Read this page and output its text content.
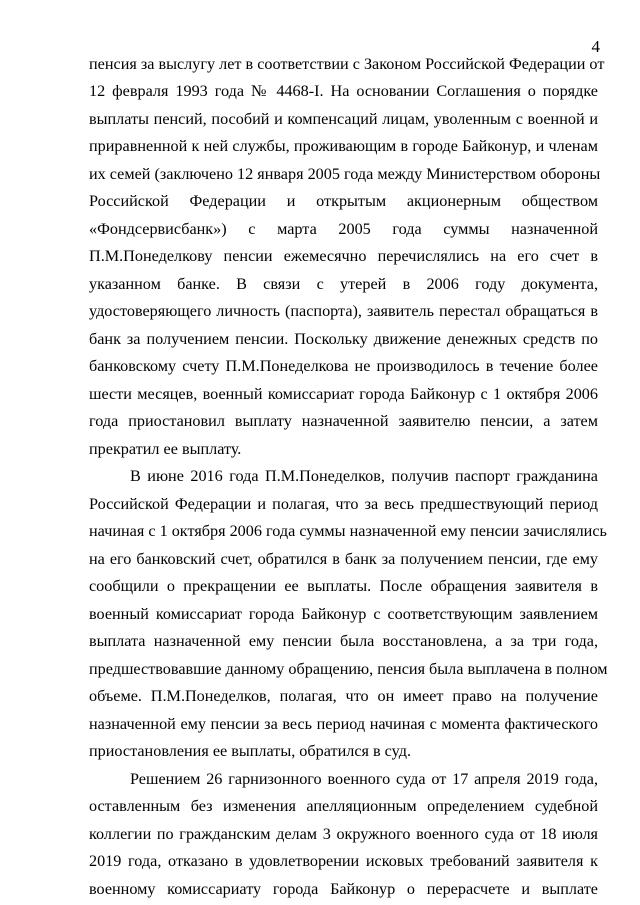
4
пенсия за выслугу лет в соответствии с Законом Российской Федерации от
12 февраля 1993 года № 4468-I. На основании Соглашения о порядке
выплаты пенсий, пособий и компенсаций лицам, уволенным с военной и
приравненной к ней службы, проживающим в городе Байконур, и членам
их семей (заключено 12 января 2005 года между Министерством обороны
Российской Федерации и открытым акционерным обществом
«Фондсервисбанк») с марта 2005 года суммы назначенной
П.М.Понеделкову пенсии ежемесячно перечислялись на его счет в
указанном банке. В связи с утерей в 2006 году документа,
удостоверяющего личность (паспорта), заявитель перестал обращаться в
банк за получением пенсии. Поскольку движение денежных средств по
банковскому счету П.М.Понеделкова не производилось в течение более
шести месяцев, военный комиссариат города Байконур с 1 октября 2006
года приостановил выплату назначенной заявителю пенсии, а затем
прекратил ее выплату.
В июне 2016 года П.М.Понеделков, получив паспорт гражданина
Российской Федерации и полагая, что за весь предшествующий период
начиная с 1 октября 2006 года суммы назначенной ему пенсии зачислялись
на его банковский счет, обратился в банк за получением пенсии, где ему
сообщили о прекращении ее выплаты. После обращения заявителя в
военный комиссариат города Байконур с соответствующим заявлением
выплата назначенной ему пенсии была восстановлена, а за три года,
предшествовавшие данному обращению, пенсия была выплачена в полном
объеме. П.М.Понеделков, полагая, что он имеет право на получение
назначенной ему пенсии за весь период начиная с момента фактического
приостановления ее выплаты, обратился в суд.
Решением 26 гарнизонного военного суда от 17 апреля 2019 года,
оставленным без изменения апелляционным определением судебной
коллегии по гражданским делам 3 окружного военного суда от 18 июля
2019 года, отказано в удовлетворении исковых требований заявителя к
военному комиссариату города Байконур о перерасчете и выплате
